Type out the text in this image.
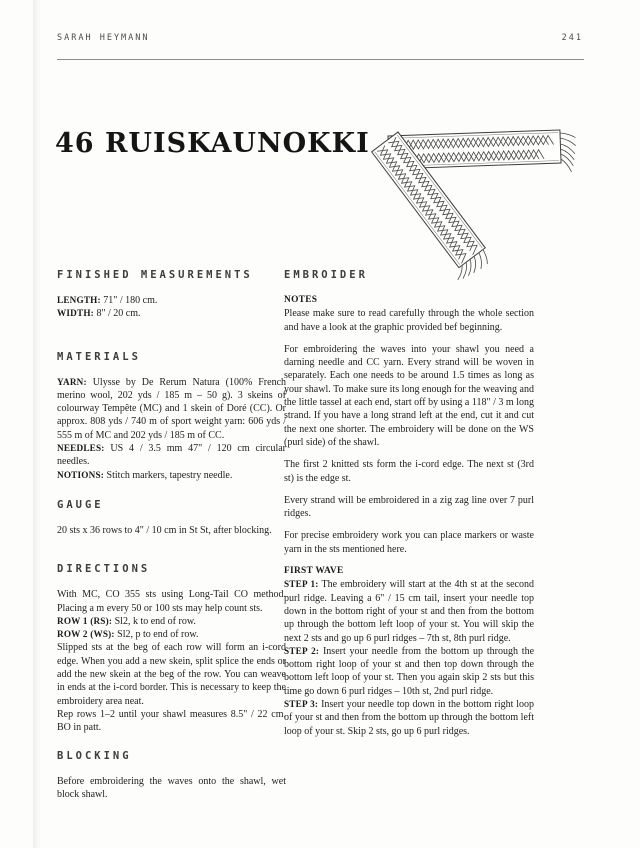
SARAH HEYMANN	241
46 RUISKAUNOKKI
FINISHED MEASUREMENTS

LENGTH: 71" / 180 cm.

WIDTH: 8" / 20 cm.

MATERIALS

YARN: Ulysse by De Rerum Natura (100% French merino wool, 202 yds / 185 m – 50 g). 3 skeins of colourway Tempête (MC) and 1 skein of Doré (CC). Or approx. 808 yds / 740 m of sport weight yarn: 606 yds / 555 m of MC and 202 yds / 185 m of CC.

NEEDLES: US 4 / 3.5 mm 47" / 120 cm circular needles.

NOTIONS: Stitch markers, tapestry needle.

GAUGE

20 sts x 36 rows to 4" / 10 cm in St St, after blocking.

DIRECTIONS

With MC, CO 355 sts using Long-Tail CO method. Placing a m every 50 or 100 sts may help count sts.

ROW 1 (RS): Sl2, k to end of row.

ROW 2 (WS): Sl2, p to end of row.

Slipped sts at the beg of each row will form an i-cord edge. When you add a new skein, split splice the ends or add the new skein at the beg of the row. You can weave in ends at the i-cord border. This is necessary to keep the embroidery area neat.

Rep rows 1–2 until your shawl measures 8.5" / 22 cm. BO in patt.

BLOCKING

Before embroidering the waves onto the shawl, wet block shawl.

EMBROIDER
NOTES

Please make sure to read carefully through the whole section and have a look at the graphic provided bef beginning.

For embroidering the waves into your shawl you need a darning needle and CC yarn. Every strand will be woven in separately. Each one needs to be around 1.5 times as long as your shawl. To make sure its long enough for the weaving and the little tassel at each end, start off by using a 118" / 3 m long strand. If you have a long strand left at the end, cut it and cut the next one shorter. The embroidery will be done on the WS (purl side) of the shawl.

The first 2 knitted sts form the i-cord edge. The next st (3rd st) is the edge st.

Every strand will be embroidered in a zig zag line over 7 purl ridges.

For precise embroidery work you can place markers or waste yarn in the sts mentioned here.

FIRST WAVE

STEP 1: The embroidery will start at the 4th st at the second purl ridge. Leaving a 6" / 15 cm tail, insert your needle top down in the bottom right of your st and then from the bottom up through the bottom left loop of your st. You will skip the next 2 sts and go up 6 purl ridges – 7th st, 8th purl ridge.

STEP 2: Insert your needle from the bottom up through the bottom right loop of your st and then top down through the bottom left loop of your st. Then you again skip 2 sts but this time go down 6 purl ridges – 10th st, 2nd purl ridge.

STEP 3: Insert your needle top down in the bottom right loop of your st and then from the bottom up through the bottom left loop of your st. Skip 2 sts, go up 6 purl ridges.
